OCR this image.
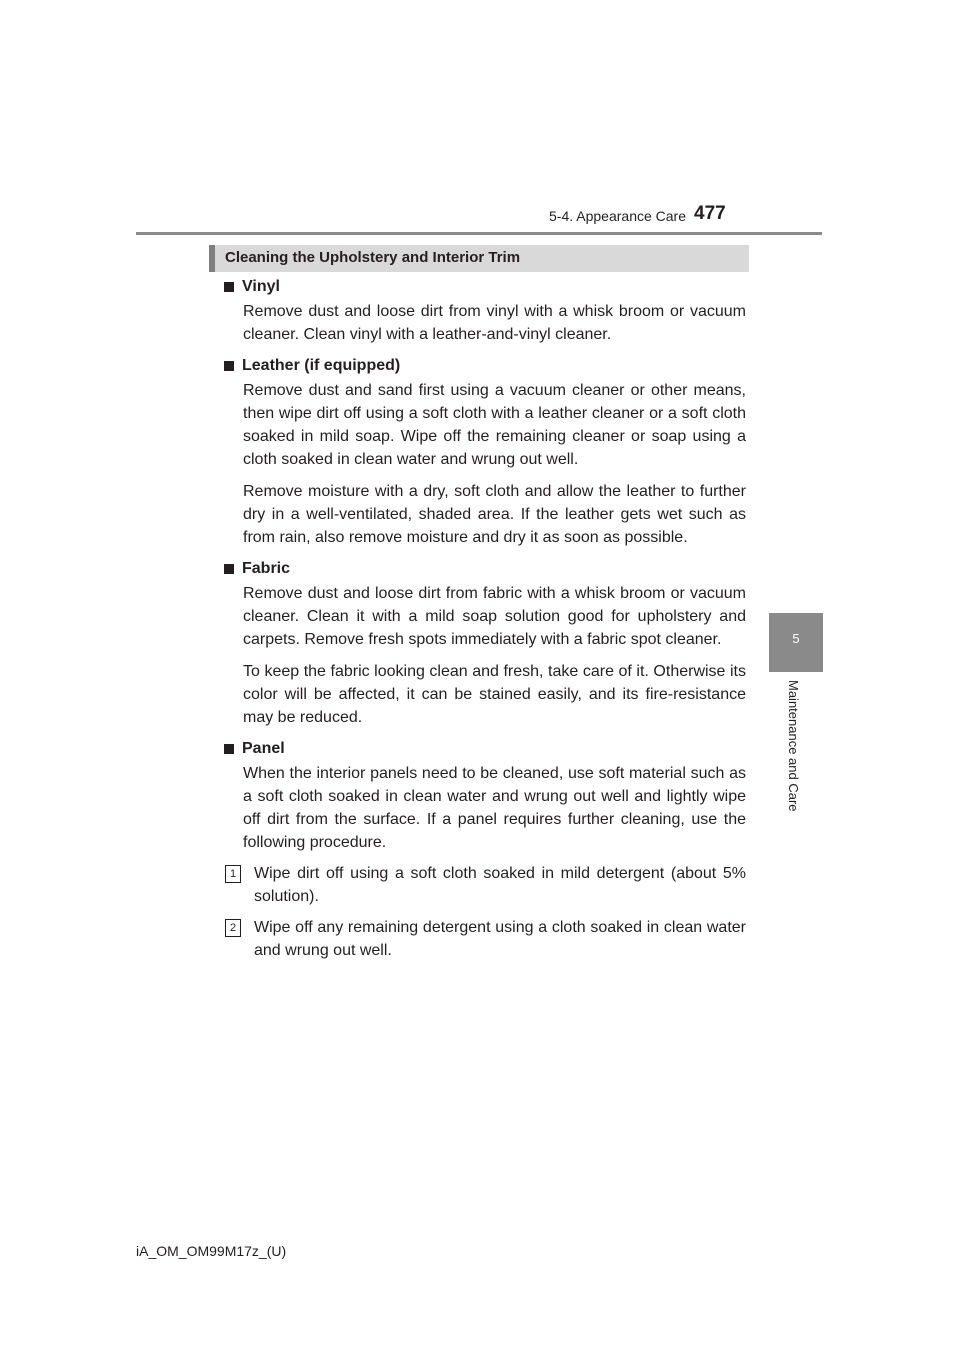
5-4. Appearance Care 477
5
Maintenance and Care
Cleaning the Upholstery and Interior Trim
Vinyl
Remove dust and loose dirt from vinyl with a whisk broom or vacuum cleaner. Clean vinyl with a leather-and-vinyl cleaner.
Leather (if equipped)
Remove dust and sand first using a vacuum cleaner or other means, then wipe dirt off using a soft cloth with a leather cleaner or a soft cloth soaked in mild soap. Wipe off the remaining cleaner or soap using a cloth soaked in clean water and wrung out well.
Remove moisture with a dry, soft cloth and allow the leather to further dry in a well-ventilated, shaded area. If the leather gets wet such as from rain, also remove moisture and dry it as soon as possible.
Fabric
Remove dust and loose dirt from fabric with a whisk broom or vacuum cleaner. Clean it with a mild soap solution good for upholstery and carpets. Remove fresh spots immediately with a fabric spot cleaner.
To keep the fabric looking clean and fresh, take care of it. Otherwise its color will be affected, it can be stained easily, and its fire-resistance may be reduced.
Panel
When the interior panels need to be cleaned, use soft material such as a soft cloth soaked in clean water and wrung out well and lightly wipe off dirt from the surface. If a panel requires further cleaning, use the following procedure.
1	Wipe dirt off using a soft cloth soaked in mild detergent (about 5% solution).
2	Wipe off any remaining detergent using a cloth soaked in clean water and wrung out well.
iA_OM_OM99M17z_(U)
